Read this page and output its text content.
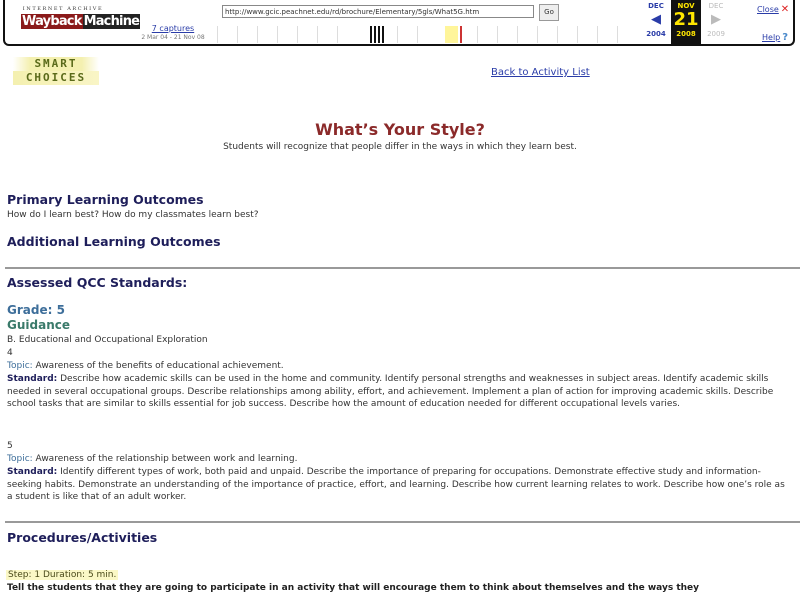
INTERNET ARCHIVE
Wayback Machine	7 captures
2 Mar 04 - 21 Nov 08
http://www.gcic.peachnet.edu/rd/brochure/Elementary/5gls/What5G.htm	Go
DEC
◀
2004
NOV
21
2008
DEC
▶
2009
Close ✕
Help ?
SMART
CHOICES	Back to Activity List
What’s Your Style?
Students will recognize that people differ in the ways in which they learn best.
Primary Learning Outcomes
How do I learn best? How do my classmates learn best?
Additional Learning Outcomes
Assessed QCC Standards:
Grade: 5
Guidance
B. Educational and Occupational Exploration
4
Topic: Awareness of the benefits of educational achievement.
Standard: Describe how academic skills can be used in the home and community. Identify personal strengths and weaknesses in subject areas. Identify academic skills needed in several occupational groups. Describe relationships among ability, effort, and achievement. Implement a plan of action for improving academic skills. Describe school tasks that are similar to skills essential for job success. Describe how the amount of education needed for different occupational levels varies.
5
Topic: Awareness of the relationship between work and learning.
Standard: Identify different types of work, both paid and unpaid. Describe the importance of preparing for occupations. Demonstrate effective study and information-seeking habits. Demonstrate an understanding of the importance of practice, effort, and learning. Describe how current learning relates to work. Describe how one’s role as a student is like that of an adult worker.
Procedures/Activities
Step: 1 Duration: 5 min.
Tell the students that they are going to participate in an activity that will encourage them to think about themselves and the ways they
